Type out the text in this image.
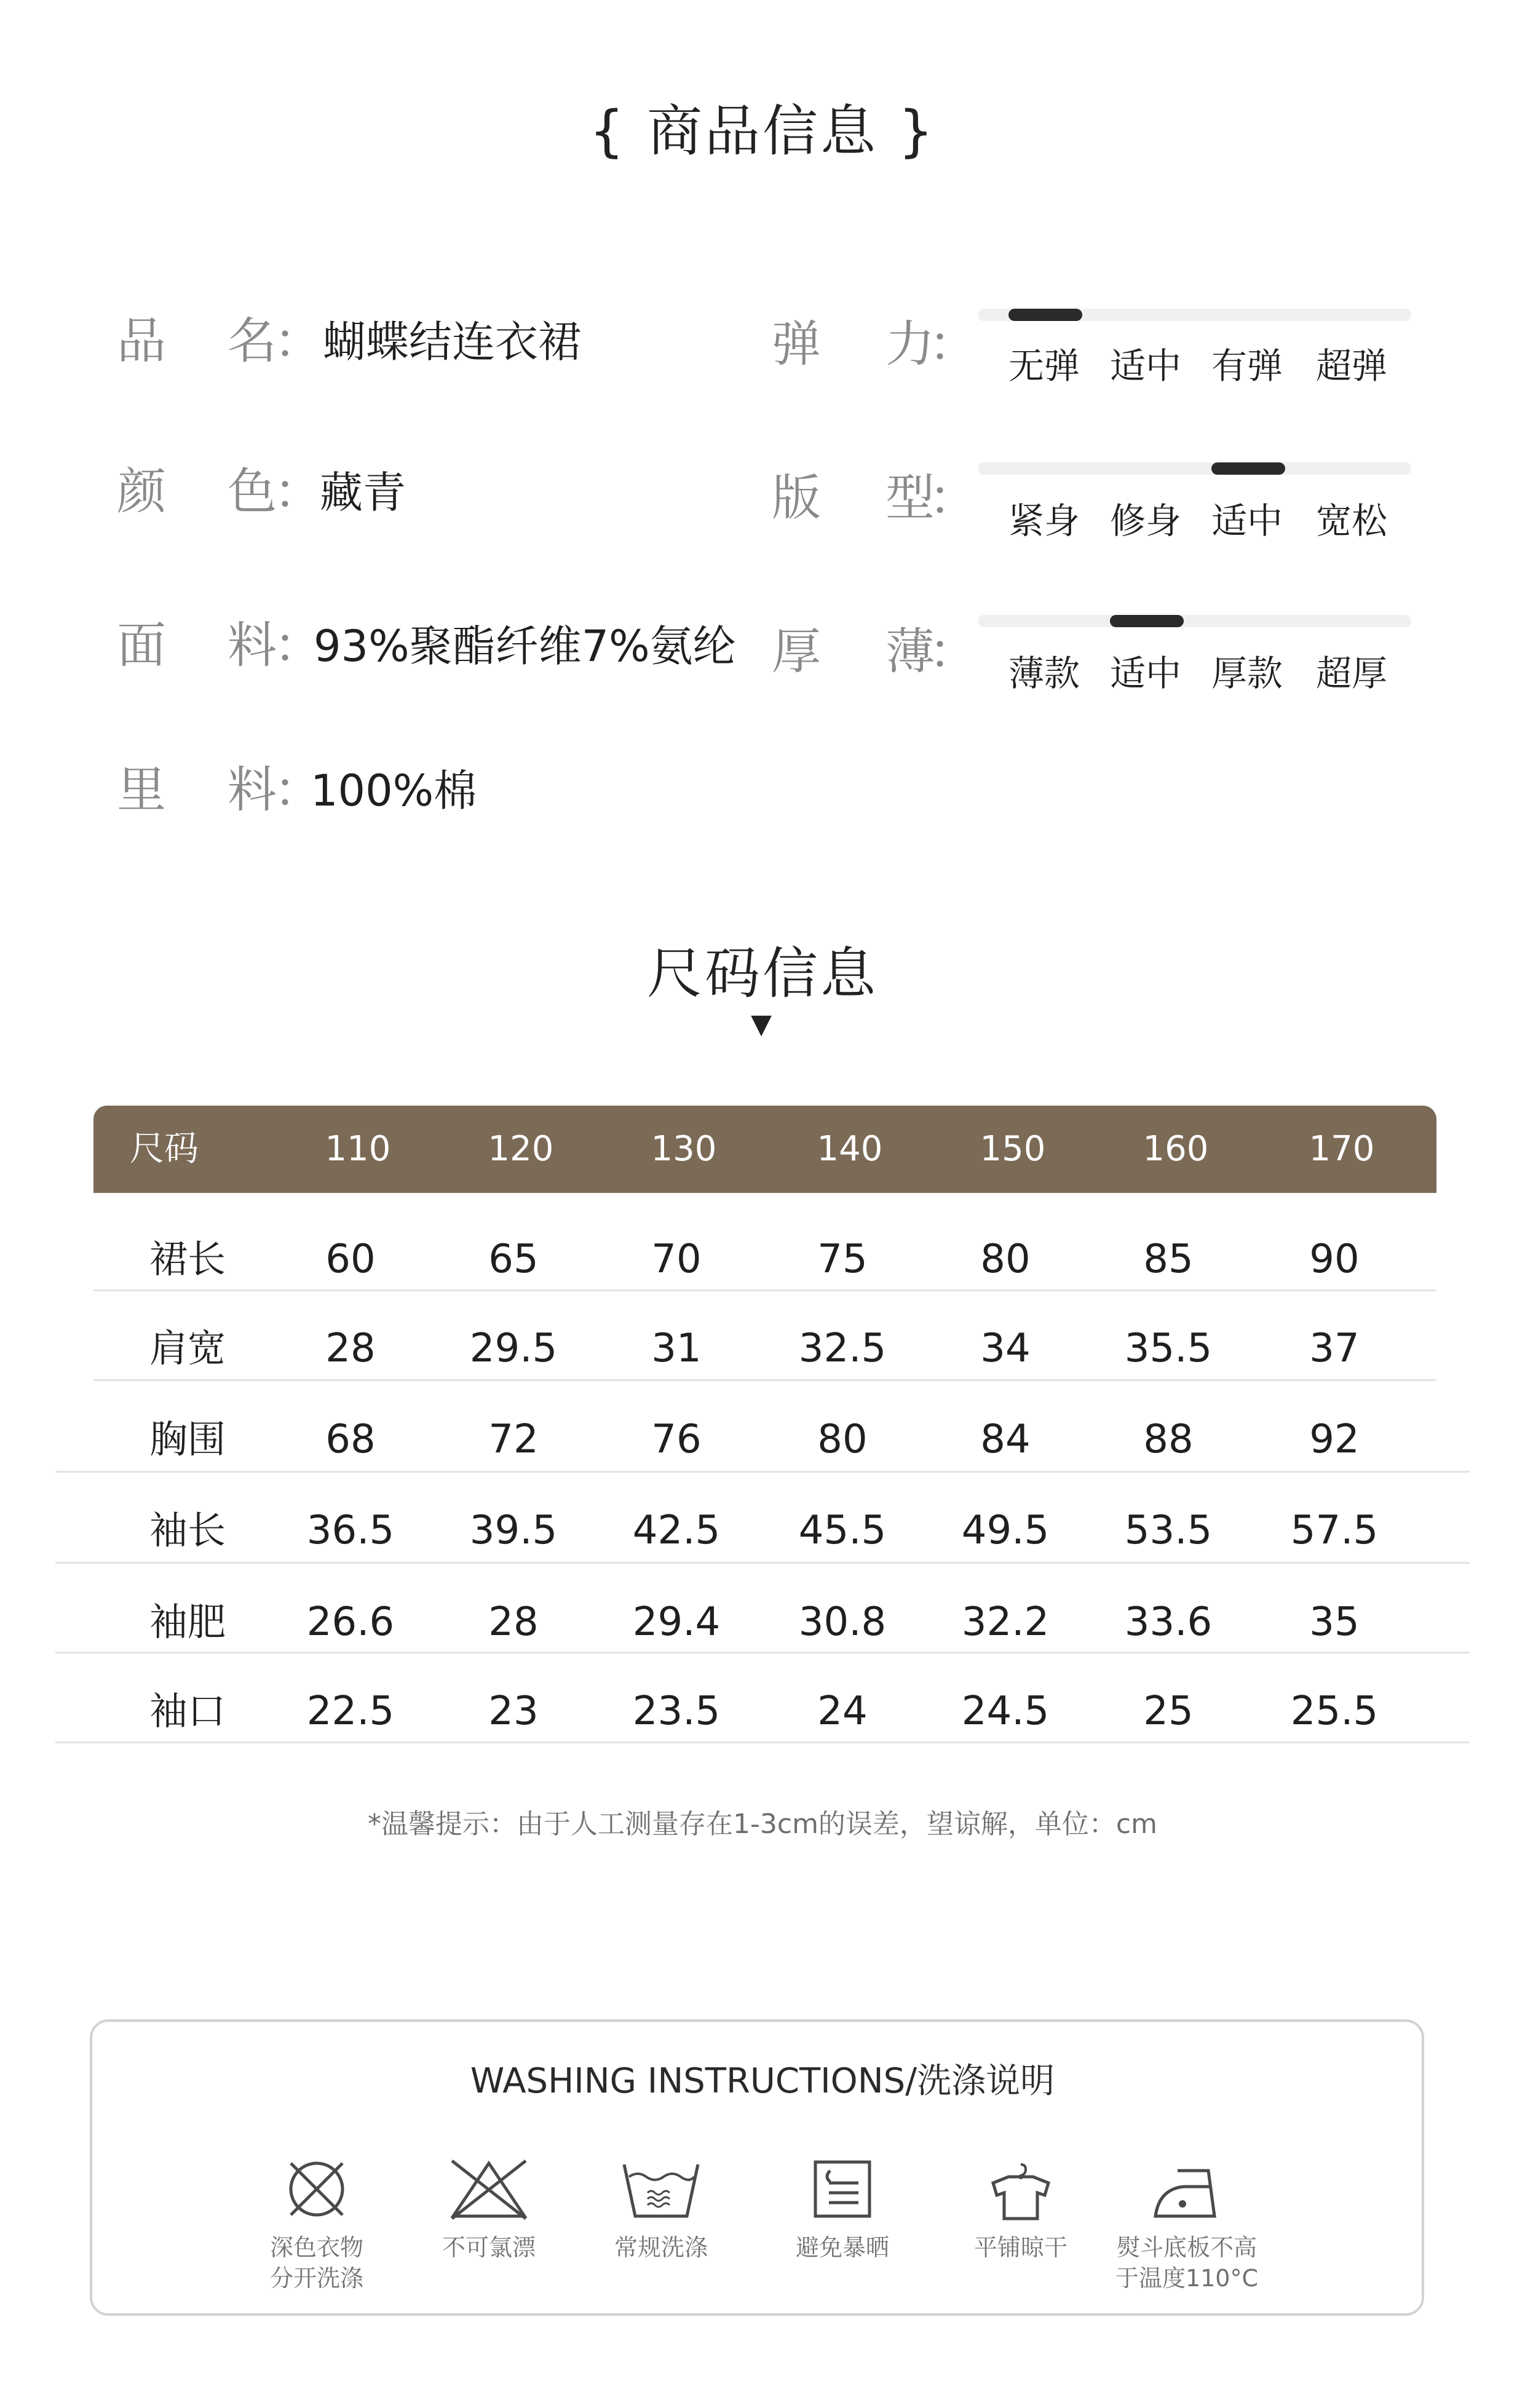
{ 商品信息 }
品 名
： 蝴蝶结连衣裙
颜 色
：
藏青
面 料
：
93%聚酯纤维7%氨纶
里 料
：
100%棉
弹 力
： 无弹 适中 有弹 超弹
版 型
： 紧身 修身 适中 宽松
厚 薄
： 薄款 适中 厚款 超厚
尺码信息
▼
尺码	110	120	130	140	150	160	170
裙长	60	65	70	75	80	85	90
肩宽	28	29.5	31	32.5	34	35.5	37
胸围	68	72	76	80	84	88	92
袖长	36.5 39.5 42.5 45.5 49.5 53.5 57.5
袖肥	26.6	28	29.4 30.8 32.2 33.6	35
袖口	22.5	23	23.5	24	24.5	25	25.5
*温馨提示：由于人工测量存在1-3cm的误差，望谅解，单位：cm
WASHING INSTRUCTIONS/洗涤说明
深色衣物
分开洗涤
不可氯漂	常规洗涤	避免暴晒	平铺晾干	熨斗底板不高
于温度110°C
